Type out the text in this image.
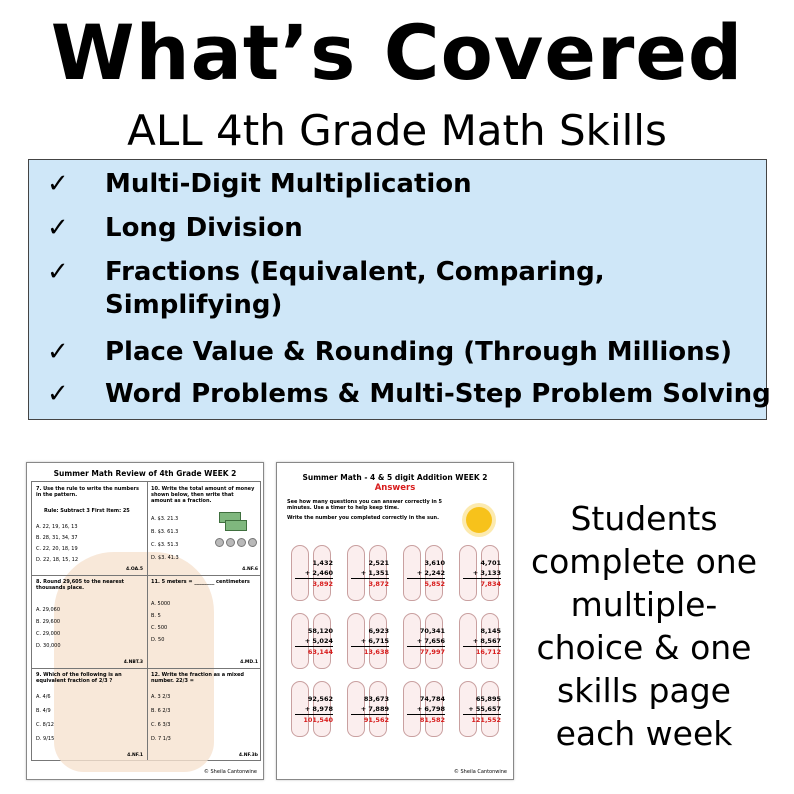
What’s Covered
ALL 4th Grade Math Skills
✓	Multi-Digit Multiplication
✓	Long Division
✓	Fractions (Equivalent, Comparing, Simplifying)
✓	Place Value & Rounding (Through Millions)
✓	Word Problems & Multi-Step Problem Solving
Summer Math Review of 4th Grade WEEK 2
7. Use the rule to write the numbers in the pattern.
Rule: Subtract 3 First Item: 25
A. 22, 19, 16, 13
B. 28, 31, 34, 37
C. 22, 20, 18, 19
D. 22, 18, 15, 12
4.OA.5
10. Write the total amount of money shown below, then write that amount as a fraction.
A. $3. 21.3
B. $3. 61.3
C. $3. 51.3
D. $3. 41.3
4.NF.6
8. Round 29,605 to the nearest thousands place.
A. 29,060
B. 29,600
C. 29,000
D. 30,000
4.NBT.3
11. 5 meters = ________ centimeters
A. 5000
B. 5
C. 500
D. 50
4.MD.1
9. Which of the following is an equivalent fraction of 2/3 ?
A. 4/6
B. 4/9
C. 8/12
D. 9/15
4.NF.1
12. Write the fraction as a mixed number. 22/3 =
A. 3 2/3
B. 6 2/3
C. 6 3/3
D. 7 1/3
4.NF.3b
© Sheila Cantonwine
Summer Math - 4 & 5 digit Addition WEEK 2
Answers
See how many questions you can answer correctly in 5 minutes. Use a timer to help keep time.
Write the number you completed correctly in the sun.
1,432
+ 2,460
3,892
2,521
+ 1,351
3,872
3,610
+ 2,242
5,852
4,701
+ 3,133
7,834
58,120
+ 5,024
63,144
6,923
+ 6,715
13,638
70,341
+ 7,656
77,997
8,145
+ 8,567
16,712
92,562
+ 8,978
101,540
83,673
+ 7,889
91,562
74,784
+ 6,798
81,582
65,895
+ 55,657
121,552
© Sheila Cantonwine
Students complete one multiple-choice & one skills page each week
